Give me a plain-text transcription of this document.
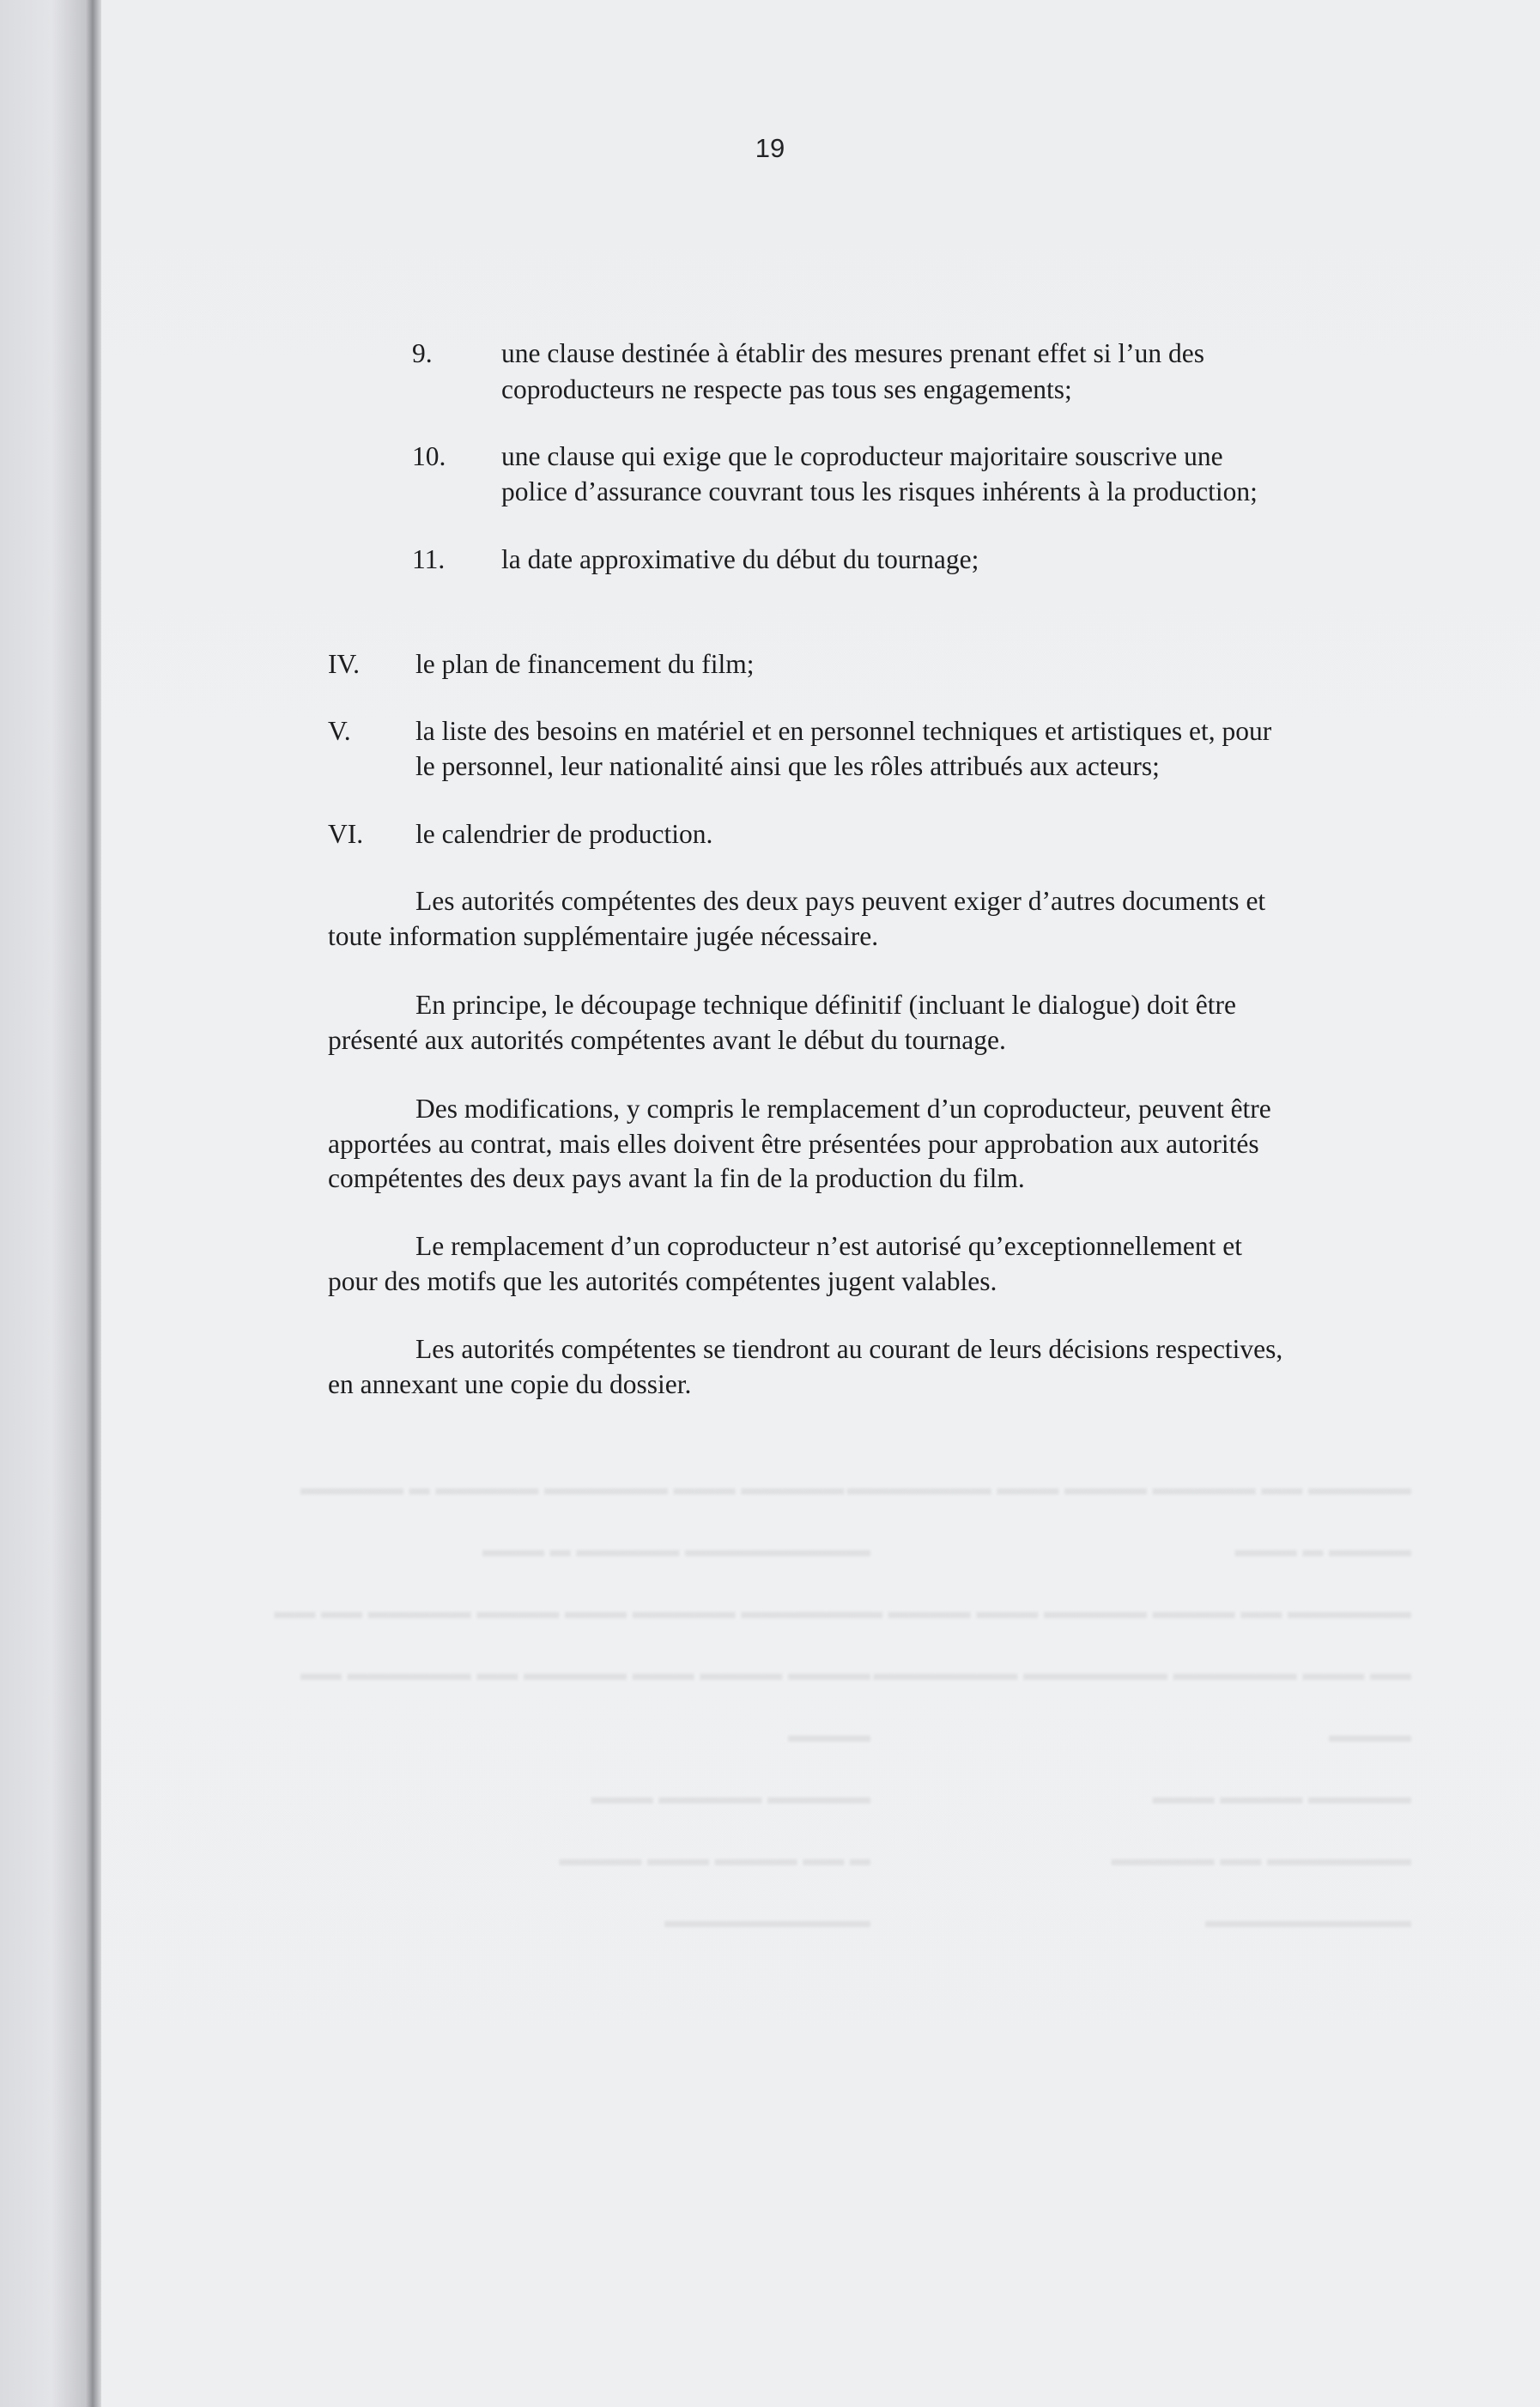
▬▬▬▬▬ ▬▬ ▬▬▬▬▬ ▬▬▬▬ ▬▬▬ ▬▬▬▬▬▬▬
▬▬▬▬ ▬ ▬▬▬
▬▬▬▬▬▬ ▬▬ ▬▬▬▬ ▬▬▬▬▬ ▬▬▬ ▬▬▬▬ ▬▬▬▬
▬▬ ▬▬▬ ▬▬▬▬▬▬ ▬▬▬▬▬▬▬ ▬▬▬▬▬▬▬
▬▬▬▬
▬▬▬▬▬ ▬▬▬▬ ▬▬▬
▬▬▬▬▬▬▬ ▬▬ ▬▬▬▬▬
▬▬▬▬▬▬▬▬▬▬
▬ ▬▬▬▬▬ ▬▬▬ ▬▬▬▬▬▬ ▬▬▬▬▬ ▬ ▬▬▬▬▬
▬▬▬▬▬▬▬▬▬ ▬▬▬▬▬ ▬ ▬▬▬
▬▬ ▬▬▬▬ ▬▬▬▬▬ ▬▬▬ ▬▬▬▬ ▬▬▬▬▬ ▬▬ ▬▬
▬▬▬▬ ▬▬▬▬ ▬▬▬ ▬▬▬▬▬ ▬▬ ▬▬▬▬▬▬ ▬▬
▬▬▬▬
▬▬▬▬▬ ▬▬▬▬▬ ▬▬▬
▬ ▬▬ ▬▬▬▬ ▬▬▬ ▬▬▬▬
▬▬▬▬▬▬▬▬▬▬
19
9.	une clause destinée à établir des mesures prenant effet si l’un des
coproducteurs ne respecte pas tous ses engagements;
10. une clause qui exige que le coproducteur majoritaire souscrive une
police d’assurance couvrant tous les risques inhérents à la production;
11. la date approximative du début du tournage;
IV. le plan de financement du film;
V. la liste des besoins en matériel et en personnel techniques et artistiques et, pour
le personnel, leur nationalité ainsi que les rôles attribués aux acteurs;
VI. le calendrier de production.
Les autorités compétentes des deux pays peuvent exiger d’autres documents et
toute information supplémentaire jugée nécessaire.
En principe, le découpage technique définitif (incluant le dialogue) doit être
présenté aux autorités compétentes avant le début du tournage.
Des modifications, y compris le remplacement d’un coproducteur, peuvent être
apportées au contrat, mais elles doivent être présentées pour approbation aux autorités
compétentes des deux pays avant la fin de la production du film.
Le remplacement d’un coproducteur n’est autorisé qu’exceptionnellement et
pour des motifs que les autorités compétentes jugent valables.
Les autorités compétentes se tiendront au courant de leurs décisions respectives,
en annexant une copie du dossier.
